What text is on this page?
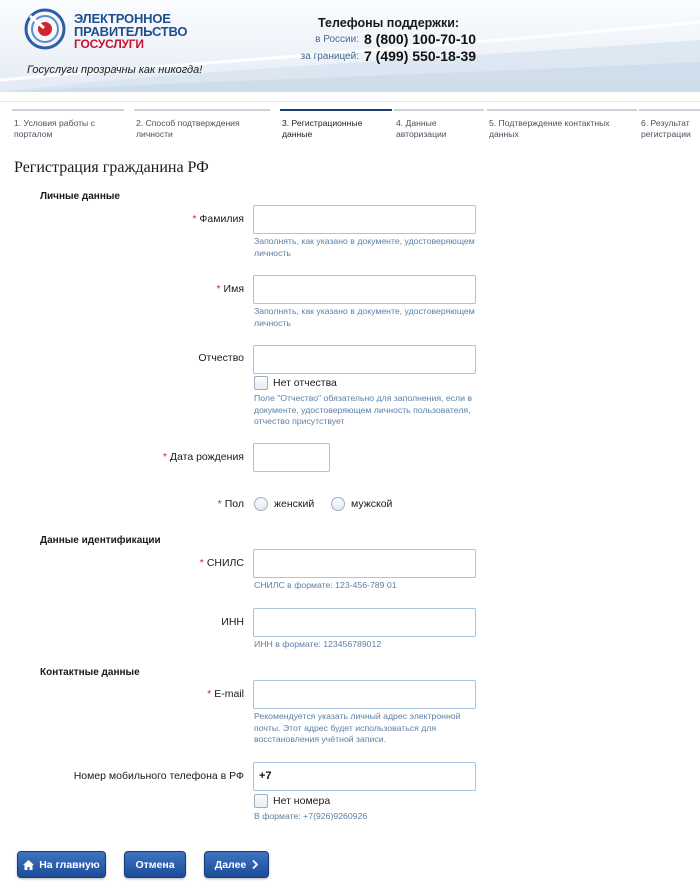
ЭЛЕКТРОННОЕ
ПРАВИТЕЛЬСТВО
ГОСУСЛУГИ
Госуслуги прозрачны как никогда!
Телефоны поддержки:
в России: 8 (800) 100-70-10
за границей: 7 (499) 550-18-39
1. Условия работы с порталом
2. Способ подтверждения личности
3. Регистрационные данные
4. Данные авторизации
5. Подтверждение контактных данных
6. Результат регистрации
Регистрация гражданина РФ
Личные данные
* Фамилия
Заполнять, как указано в документе, удостоверяющем личность
* Имя
Заполнять, как указано в документе, удостоверяющем личность
Отчество
Нет отчества
Поле "Отчество" обязательно для заполнения, если в документе, удостоверяющем личность пользователя, отчество присутствует
* Дата рождения
* Пол	женский	мужской
Данные идентификации
* СНИЛС
СНИЛС в формате: 123-456-789 01
ИНН
ИНН в формате: 123456789012
Контактные данные
* E-mail
Рекомендуется указать личный адрес электронной почты. Этот адрес будет использоваться для восстановления учётной записи.
Номер мобильного телефона в РФ	+7
Нет номера
В формате: +7(926)9260926
На главную	Отмена	Далее
